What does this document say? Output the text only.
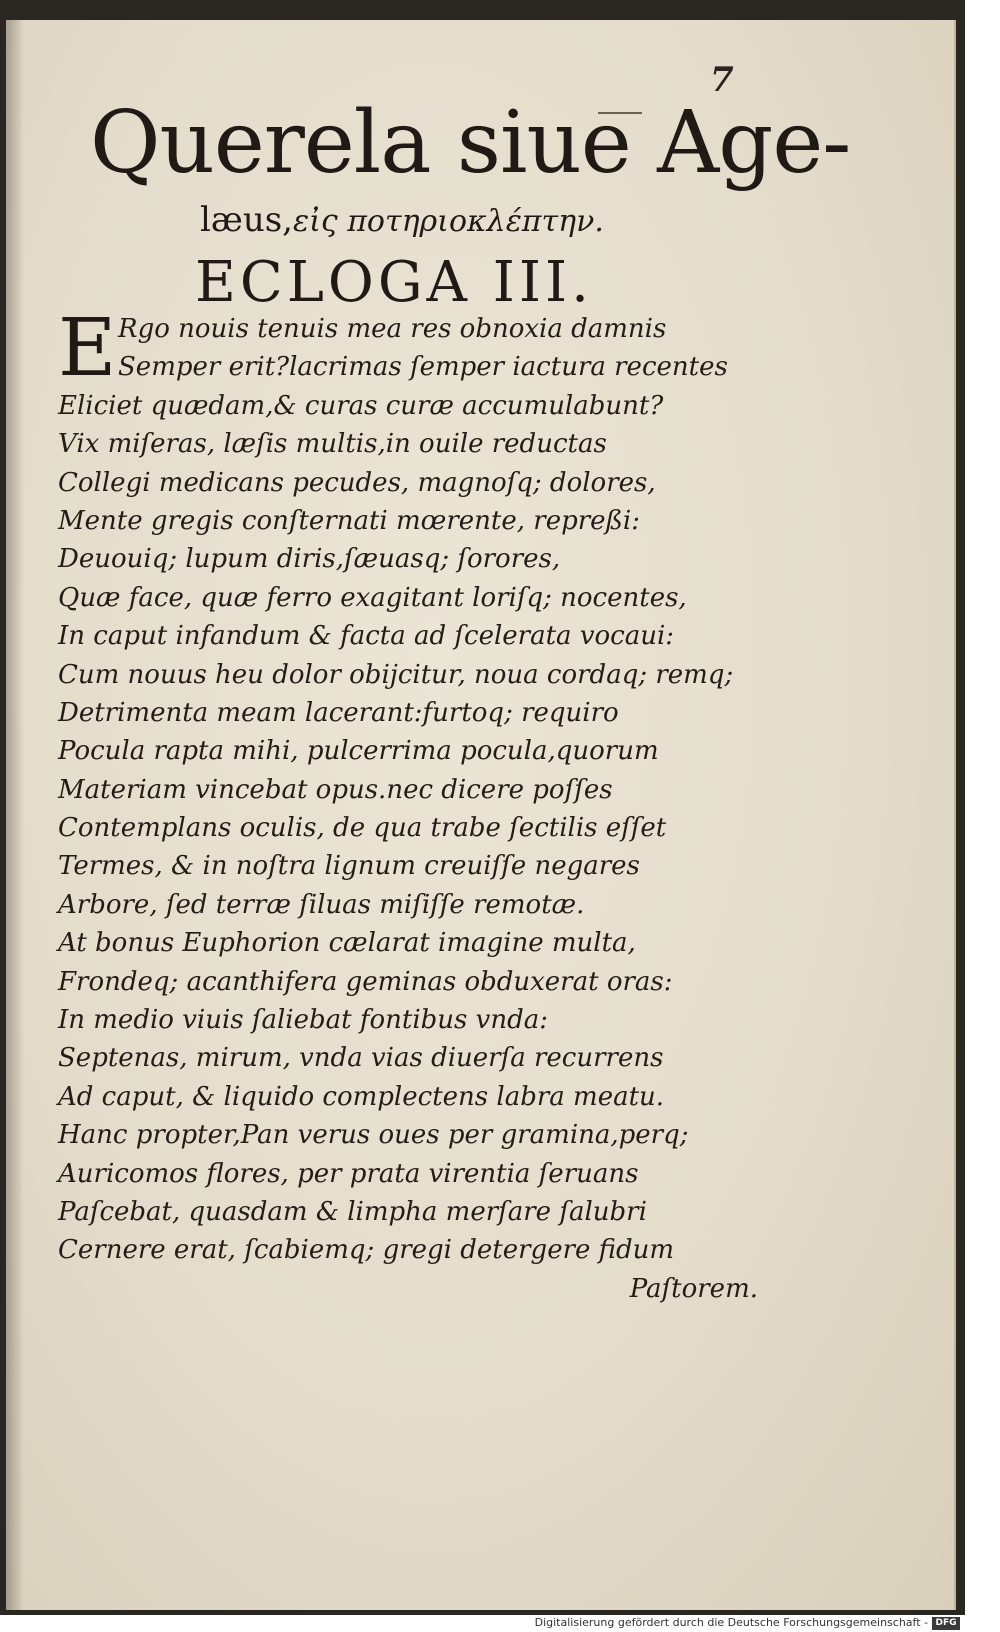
7
Querela siue Age-
læus,εἰς ποτηριοκλέπτην.
ECLOGA III.
E Rgo nouis tenuis mea res obnoxia damnis
Semper erit?lacrimas ſemper iactura recentes
Eliciet quædam,& curas curæ accumulabunt?
Vix miſeras, læſis multis,in ouile reductas
Collegi medicans pecudes, magnoſq; dolores,
Mente gregis conſternati mœrente, repreßi:
Deuouiq; lupum diris,ſæuasq; ſorores,
Quæ face, quæ ferro exagitant loriſq; nocentes,
In caput infandum & facta ad ſcelerata vocaui:
Cum nouus heu dolor obijcitur, noua cordaq; remq;
Detrimenta meam lacerant:furtoq; requiro
Pocula rapta mihi, pulcerrima pocula,quorum
Materiam vincebat opus.nec dicere poſſes
Contemplans oculis, de qua trabe ſectilis eſſet
Termes, & in noſtra lignum creuiſſe negares
Arbore, ſed terræ ſiluas miſiſſe remotæ.
At bonus Euphorion cælarat imagine multa,
Frondeq; acanthifera geminas obduxerat oras:
In medio viuis ſaliebat fontibus vnda:
Septenas, mirum, vnda vias diuerſa recurrens
Ad caput, & liquido complectens labra meatu.
Hanc propter,Pan verus oues per gramina,perq;
Auricomos flores, per prata virentia ſeruans
Paſcebat, quasdam & limpha merſare ſalubri
Cernere erat, ſcabiemq; gregi detergere fidum
Paſtorem.
Digitalisierung gefördert durch die Deutsche Forschungsgemeinschaft - DFG
